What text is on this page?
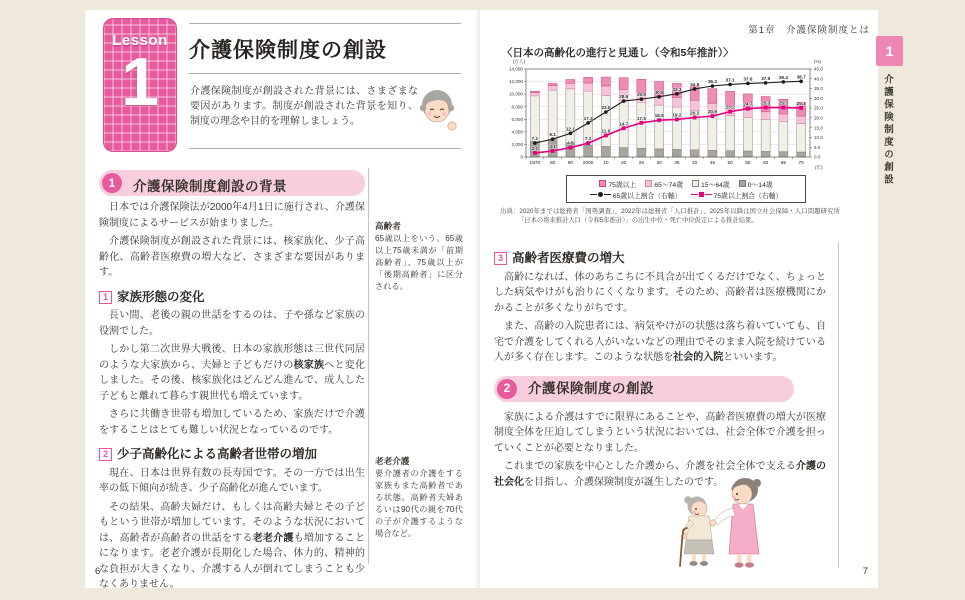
Lesson
1	介護保険制度の創設

介護保険制度が創設された背景には、さまざまな要因があります。制度が創設された背景を知り、制度の理念や目的を理解しましょう。

1	介護保険制度創設の背景

日本では介護保険法が2000年4月1日に施行され、介護保険制度によるサービスが始まりました。

介護保険制度が創設された背景には、核家族化、少子高齢化、高齢者医療費の増大など、さまざまな要因があります。

1 家族形態の変化

長い間、老後の親の世話をするのは、子や孫など家族の役割でした。

しかし第二次世界大戦後、日本の家族形態は三世代同居のような大家族から、夫婦と子どもだけの核家族へと変化しました。その後、核家族化はどんどん進んで、成人した子どもと離れて暮らす親世代も増えています。

さらに共働き世帯も増加しているため、家族だけで介護をすることはとても難しい状況となっているのです。

2 少子高齢化による高齢者世帯の増加

現在、日本は世界有数の長寿国です。その一方では出生率の低下傾向が続き、少子高齢化が進んでいます。

その結果、高齢夫婦だけ、もしくは高齢夫婦とその子どもという世帯が増加しています。そのような状況においては、高齢者が高齢者の世話をする老老介護も増加することになります。老老介護が長期化した場合、体力的、精神的な負担が大きくなり、介護する人が倒れてしまうことも少なくありません。

高齢者
65歳以上をいう。65歳以上75歳未満が「前期高齢者」、75歳以上が「後期高齢者」に区分される。
老老介護
要介護者の介護をする家族もまた高齢者である状態。高齢者夫婦あるいは90代の親を70代の子が介護するような場合など。
6
第1章　介護保険制度とは
〈日本の高齢化の進行と見通し（令和5年推計）〉
1970 80	90 2000 10	20	25	30	35	40	45	50	55	60	65	70
0
2,000
4,000
6,000
8,000
10,000
12,000
14,000
0.0
5.0
10.0
15.0
20.0
25.0
30.0
35.0
40.0
45.0
(万人)	(%)
(年)
7.1
9.1
12.1
17.4
23.0
28.6 29.6 30.8
32.3
34.8
36.3 37.1 37.6 37.9 38.4 38.7
2.1 3.1
4.8
7.1
11.0
14.7
17.5
18.8 19.2 20.2 20.9
23.2
24.7 25.3 25.3 25.1
75歳以上	65～74歳	15～64歳	0～14歳
65歳以上割合（右軸）	75歳以上割合（右軸）
出典：2020年までは総務省「国勢調査」、2022年は総務省「人口推計」、2025年以降は国立社会保障・人口問題研究所「日本の将来推計人口（令和5年推計）」の出生中位・死亡中位仮定による推計結果。
3 高齢者医療費の増大

高齢になれば、体のあちこちに不具合が出てくるだけでなく、ちょっとした病気やけがも治りにくくなります。そのため、高齢者は医療機関にかかることが多くなりがちです。

また、高齢の入院患者には、病気やけがの状態は落ち着いていても、自宅で介護をしてくれる人がいないなどの理由でそのまま入院を続けている人が多く存在します。このような状態を社会的入院といいます。

2	介護保険制度の創設

家族による介護はすでに限界にあることや、高齢者医療費の増大が医療制度全体を圧迫してしまうという状況においては、社会全体で介護を担っていくことが必要となりました。

これまでの家族を中心とした介護から、介護を社会全体で支える介護の社会化を目指し、介護保険制度が誕生したのです。

7
1
介護保険制度の創設
